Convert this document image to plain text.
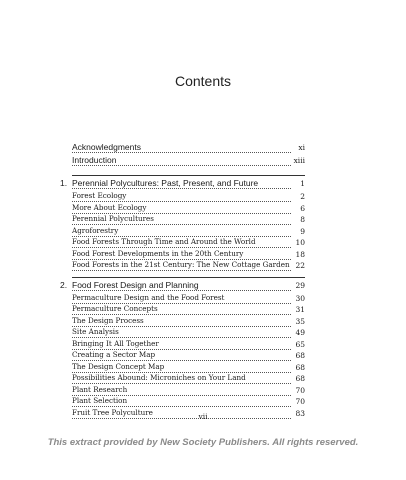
Contents
Acknowledgments	xi
Introduction	xiii
1. Perennial Polycultures: Past, Present, and Future	1
Forest Ecology	2
More About Ecology	6
Perennial Polycultures	8
Agroforestry	9
Food Forests Through Time and Around the World	10
Food Forest Developments in the 20th Century	18
Food Forests in the 21st Century: The New Cottage Garden 22
2. Food Forest Design and Planning	29
Permaculture Design and the Food Forest	30
Permaculture Concepts	31
The Design Process	35
Site Analysis	49
Bringing It All Together	65
Creating a Sector Map	68
The Design Concept Map	68
Possibilities Abound: Microniches on Your Land	68
Plant Research	70
Plant Selection	70
Fruit Tree Polyculture	83
vii
This extract provided by New Society Publishers. All rights reserved.
